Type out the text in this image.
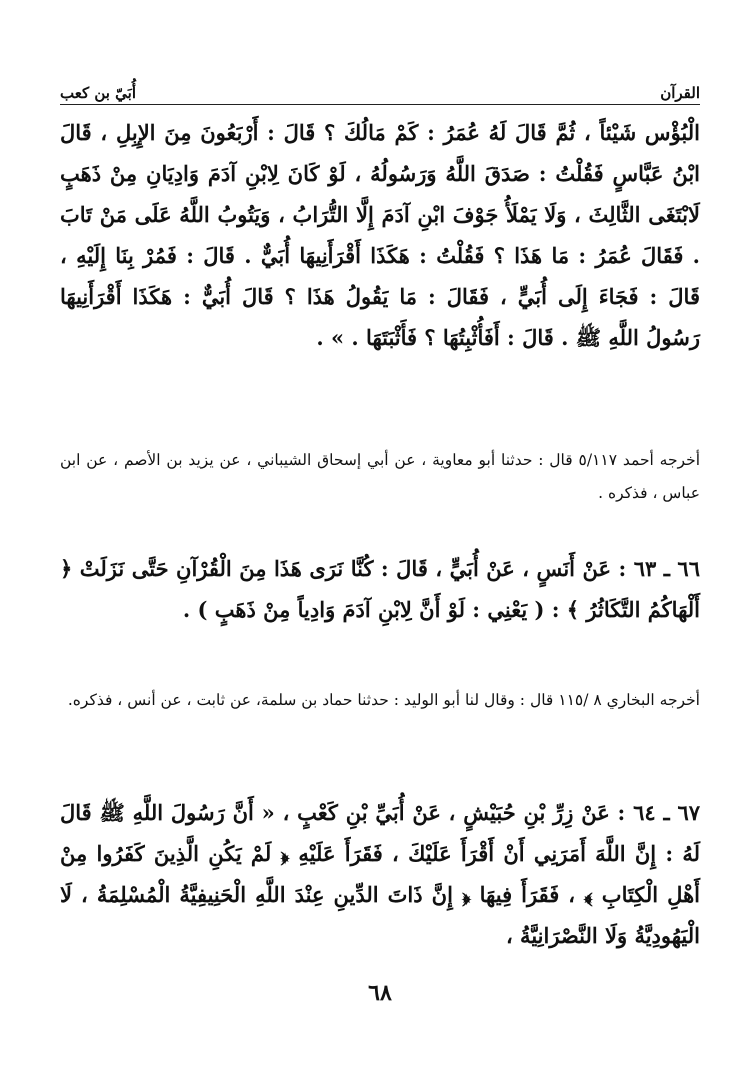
القرآن
أُبَيّ بن كعب

الْبُؤْس شَيْئاً ، ثُمَّ قَالَ لَهُ عُمَرُ : كَمْ مَالُكَ ؟ قَالَ : أَرْبَعُونَ مِنَ الإِبِلِ ، قَالَ ابْنُ عَبَّاسٍ فَقُلْتُ : صَدَقَ اللَّهُ وَرَسُولُهُ ، لَوْ كَانَ لِابْنِ آدَمَ وَادِيَانِ مِنْ ذَهَبٍ لَابْتَغَى الثَّالِثَ ، وَلَا يَمْلَأُ جَوْفَ ابْنِ آدَمَ إِلَّا التُّرَابُ ، وَيَتُوبُ اللَّهُ عَلَى مَنْ تَابَ . فَقَالَ عُمَرُ : مَا هَذَا ؟ فَقُلْتُ : هَكَذَا أَقْرَأَنِيهَا أُبَيٌّ . قَالَ : فَمُرْ بِنَا إِلَيْهِ ، قَالَ : فَجَاءَ إِلَى أُبَيٍّ ، فَقَالَ : مَا يَقُولُ هَذَا ؟ قَالَ أُبَيٌّ : هَكَذَا أَقْرَأَنِيهَا رَسُولُ اللَّهِ ﷺ . قَالَ : أَفَأُثْبِتُهَا ؟ فَأَثْبَتَهَا . » .

أخرجه أحمد ٥/١١٧ قال : حدثنا أبو معاوية ، عن أبي إسحاق الشيباني ، عن يزيد بن الأصم ، عن ابن عباس ، فذكره .

٦٦ ـ ٦٣ : عَنْ أَنَسٍ ، عَنْ أُبَيٍّ ، قَالَ : كُنَّا نَرَى هَذَا مِنَ الْقُرْآنِ حَتَّى نَزَلَتْ ﴿ أَلْهَاكُمُ التَّكَاثُرُ ﴾ : ( يَعْنِي : لَوْ أَنَّ لِابْنِ آدَمَ وَادِياً مِنْ ذَهَبٍ ) .

أخرجه البخاري ٨ /١١٥ قال : وقال لنا أبو الوليد : حدثنا حماد بن سلمة، عن ثابت ، عن أنس ، فذكره.

٦٧ ـ ٦٤ : عَنْ زِرِّ بْنِ حُبَيْشٍ ، عَنْ أُبَيِّ بْنِ كَعْبٍ ، « أَنَّ رَسُولَ اللَّهِ ﷺ قَالَ لَهُ : إِنَّ اللَّهَ أَمَرَنِي أَنْ أَقْرَأَ عَلَيْكَ ، فَقَرَأَ عَلَيْهِ ﴿ لَمْ يَكُنِ الَّذِينَ كَفَرُوا مِنْ أَهْلِ الْكِتَابِ ﴾ ، فَقَرَأَ فِيهَا ﴿ إِنَّ ذَاتَ الدِّينِ عِنْدَ اللَّهِ الْحَنِيفِيَّةُ الْمُسْلِمَةُ ، لَا الْيَهُودِيَّةُ وَلَا النَّصْرَانِيَّةُ ،

٦٨
